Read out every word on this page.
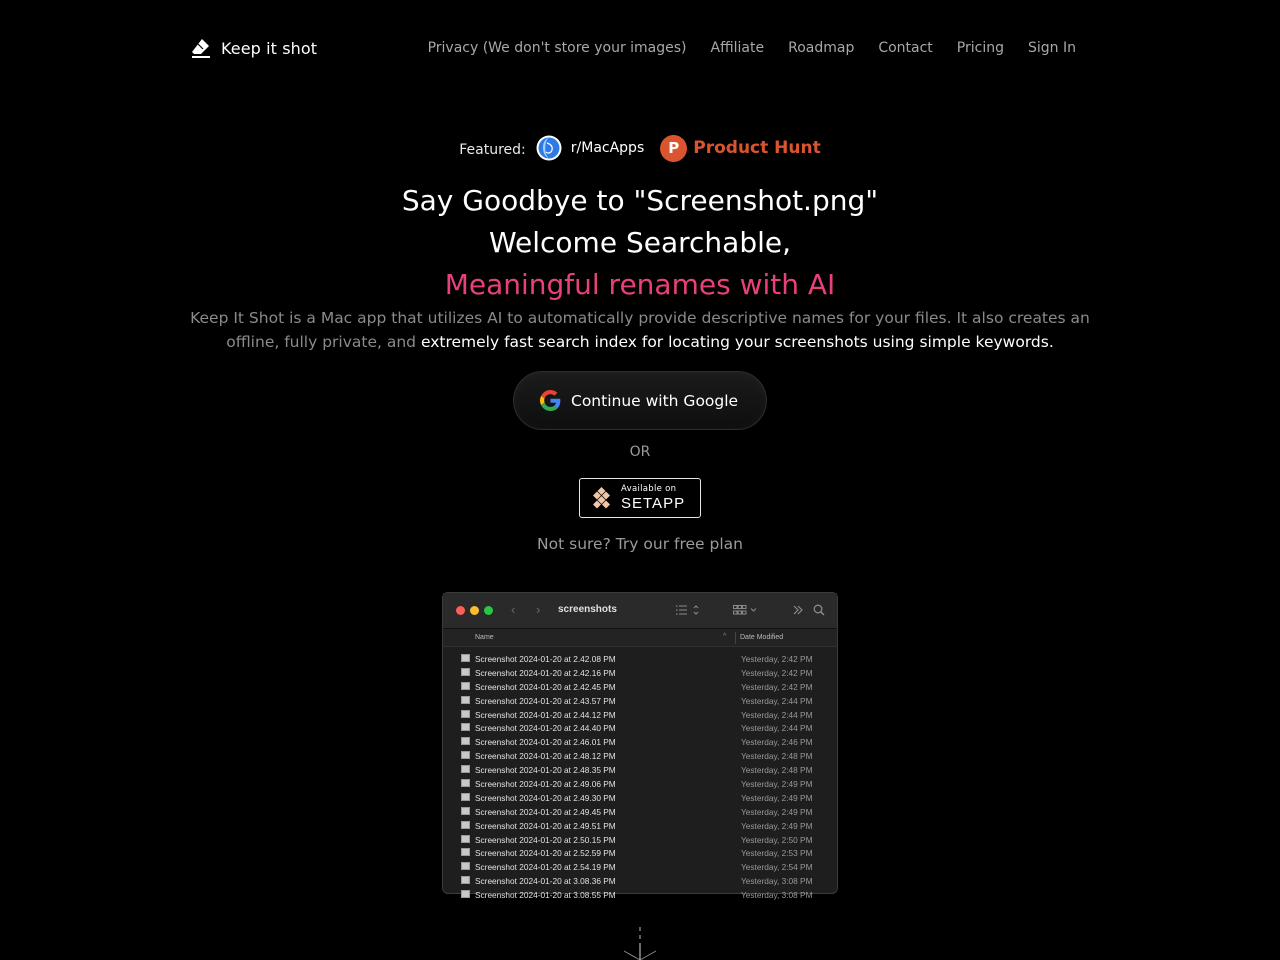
Keep it shot	Privacy (We don't store your images) Affiliate Roadmap Contact Pricing Sign In
Featured:	r/MacApps	P Product Hunt
Say Goodbye to "Screenshot.png"
Welcome Searchable,
Meaningful renames with AI
Keep It Shot is a Mac app that utilizes AI to automatically provide descriptive names for your files. It also creates an offline, fully private, and extremely fast search index for locating your screenshots using simple keywords.
Continue with Google
OR
Available on
SETAPP
Not sure? Try our free plan
‹ › screenshots
Name	^ Date Modified
Screenshot 2024-01-20 at 2.42.08 PM	Yesterday, 2:42 PM
Screenshot 2024-01-20 at 2.42.16 PM	Yesterday, 2:42 PM
Screenshot 2024-01-20 at 2.42.45 PM	Yesterday, 2:42 PM
Screenshot 2024-01-20 at 2.43.57 PM	Yesterday, 2:44 PM
Screenshot 2024-01-20 at 2.44.12 PM	Yesterday, 2:44 PM
Screenshot 2024-01-20 at 2.44.40 PM	Yesterday, 2:44 PM
Screenshot 2024-01-20 at 2.46.01 PM	Yesterday, 2:46 PM
Screenshot 2024-01-20 at 2.48.12 PM	Yesterday, 2:48 PM
Screenshot 2024-01-20 at 2.48.35 PM	Yesterday, 2:48 PM
Screenshot 2024-01-20 at 2.49.06 PM	Yesterday, 2:49 PM
Screenshot 2024-01-20 at 2.49.30 PM	Yesterday, 2:49 PM
Screenshot 2024-01-20 at 2.49.45 PM	Yesterday, 2:49 PM
Screenshot 2024-01-20 at 2.49.51 PM	Yesterday, 2:49 PM
Screenshot 2024-01-20 at 2.50.15 PM	Yesterday, 2:50 PM
Screenshot 2024-01-20 at 2.52.59 PM	Yesterday, 2:53 PM
Screenshot 2024-01-20 at 2.54.19 PM	Yesterday, 2:54 PM
Screenshot 2024-01-20 at 3.08.36 PM	Yesterday, 3:08 PM
Screenshot 2024-01-20 at 3.08.55 PM	Yesterday, 3:08 PM
